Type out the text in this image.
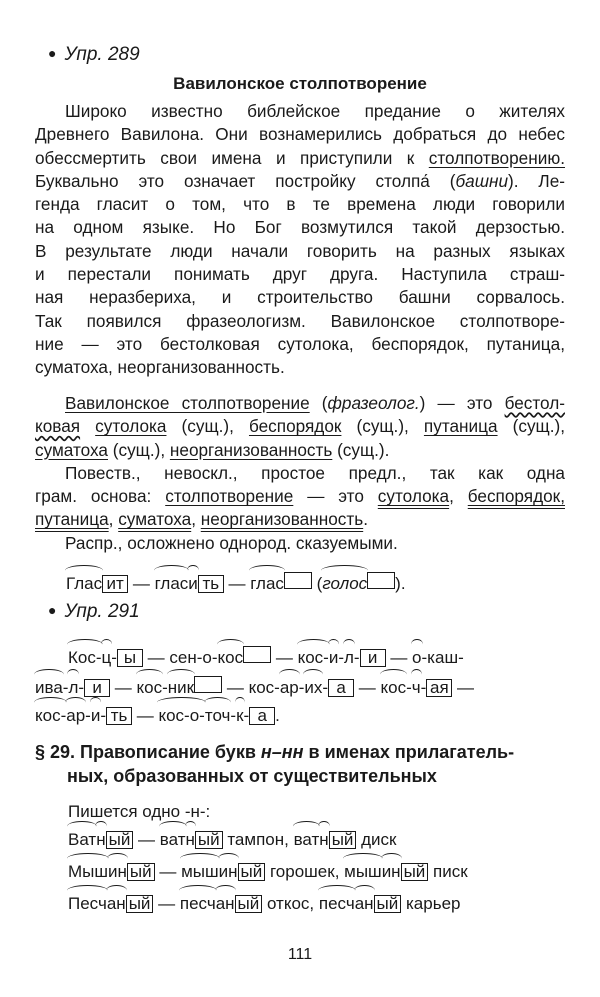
● Упр. 289
Вавилонское столпотворение
Широко известно библейское предание о жителях
Древнего Вавилона. Они вознамерились добраться до небес
обессмертить свои имена и приступили к столпотворению.
Буквально это означает постройку столпа́ (башни). Ле-
генда гласит о том, что в те времена люди говорили
на одном языке. Но Бог возмутился такой дерзостью.
В результате люди начали говорить на разных языках
и перестали понимать друг друга. Наступила страш-
ная неразбериха, и строительство башни сорвалось.
Так появился фразеологизм. Вавилонское столпотворе-
ние — это бестолковая сутолока, беспорядок, путаница,
суматоха, неорганизованность.
Вавилонское столпотворение (фразеолог.) — это бестол-
ковая сутолока (сущ.), беспорядок (сущ.), путаница (сущ.),
суматоха (сущ.), неорганизованность (сущ.).
Повеств., невоскл., простое предл., так как одна
грам. основа: столпотворение — это сутолока, беспорядок,
путаница, суматоха, неорганизованность.
Распр., осложнено однород. сказуемыми.
Глас ит — гласи ть — глас (голос ).
● Упр. 291
Кос-ц- ы — сен-о-кос — кос-и-л- и — о-каш-
ива-л- и — кос-ник — кос-ар-их- а — кос-ч- ая —
кос-ар-и- ть — кос-о-точ-к- а .
§ 29. Правописание букв н–нн в именах прилагатель-
ных, образованных от существительных
Пишется одно -н-:
Ватн ый — ватн ый тампон, ватн ый диск
Мышин ый — мышин ый горошек, мышин ый писк
Песчан ый — песчан ый откос, песчан ый карьер
111
